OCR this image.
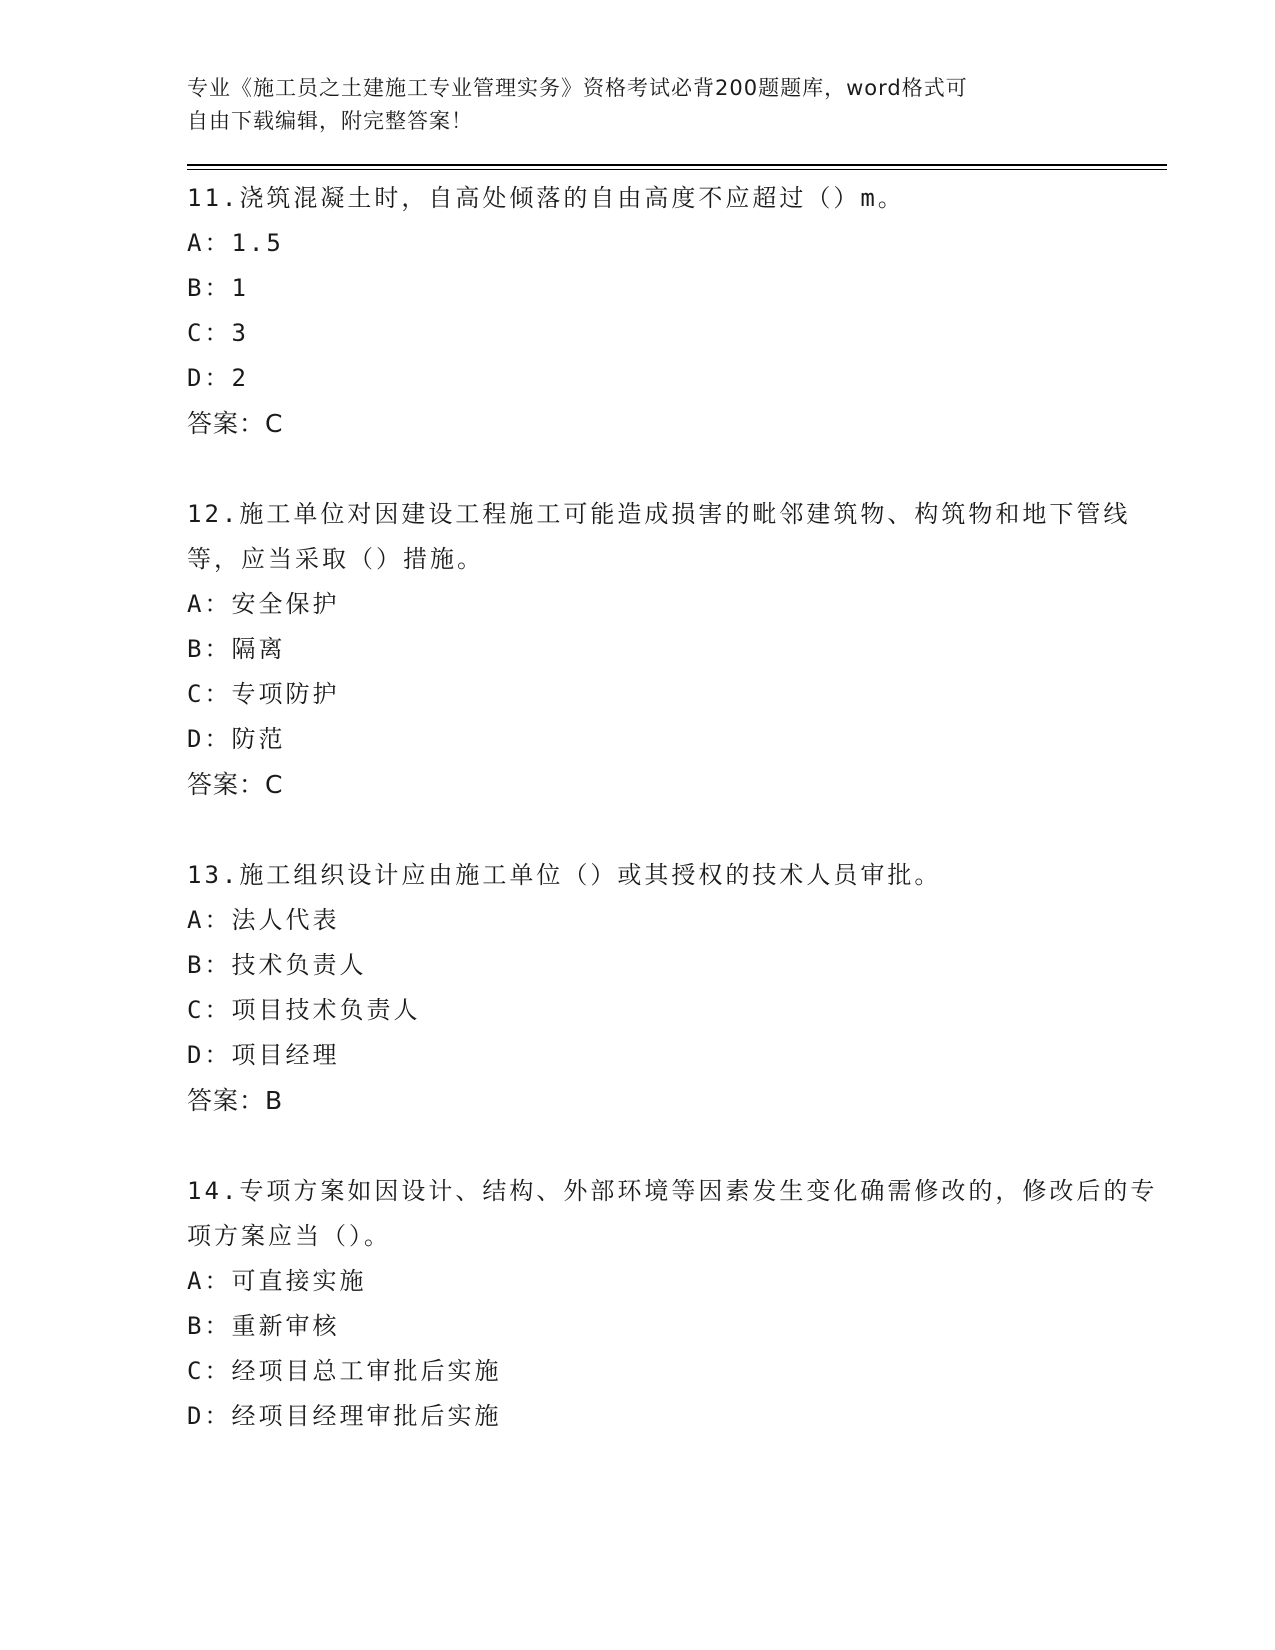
专业《施工员之土建施工专业管理实务》资格考试必背200题题库，word格式可

自由下载编辑，附完整答案！

11.浇筑混凝土时，自高处倾落的自由高度不应超过（）m。

A：1.5

B：1

C：3

D：2

答案：C

12.施工单位对因建设工程施工可能造成损害的毗邻建筑物、构筑物和地下管线等，应当采取（）措施。

A：安全保护

B：隔离

C：专项防护

D：防范

答案：C

13.施工组织设计应由施工单位（）或其授权的技术人员审批。

A：法人代表

B：技术负责人

C：项目技术负责人

D：项目经理

答案：B

14.专项方案如因设计、结构、外部环境等因素发生变化确需修改的，修改后的专项方案应当（）。

A：可直接实施

B：重新审核

C：经项目总工审批后实施

D：经项目经理审批后实施
